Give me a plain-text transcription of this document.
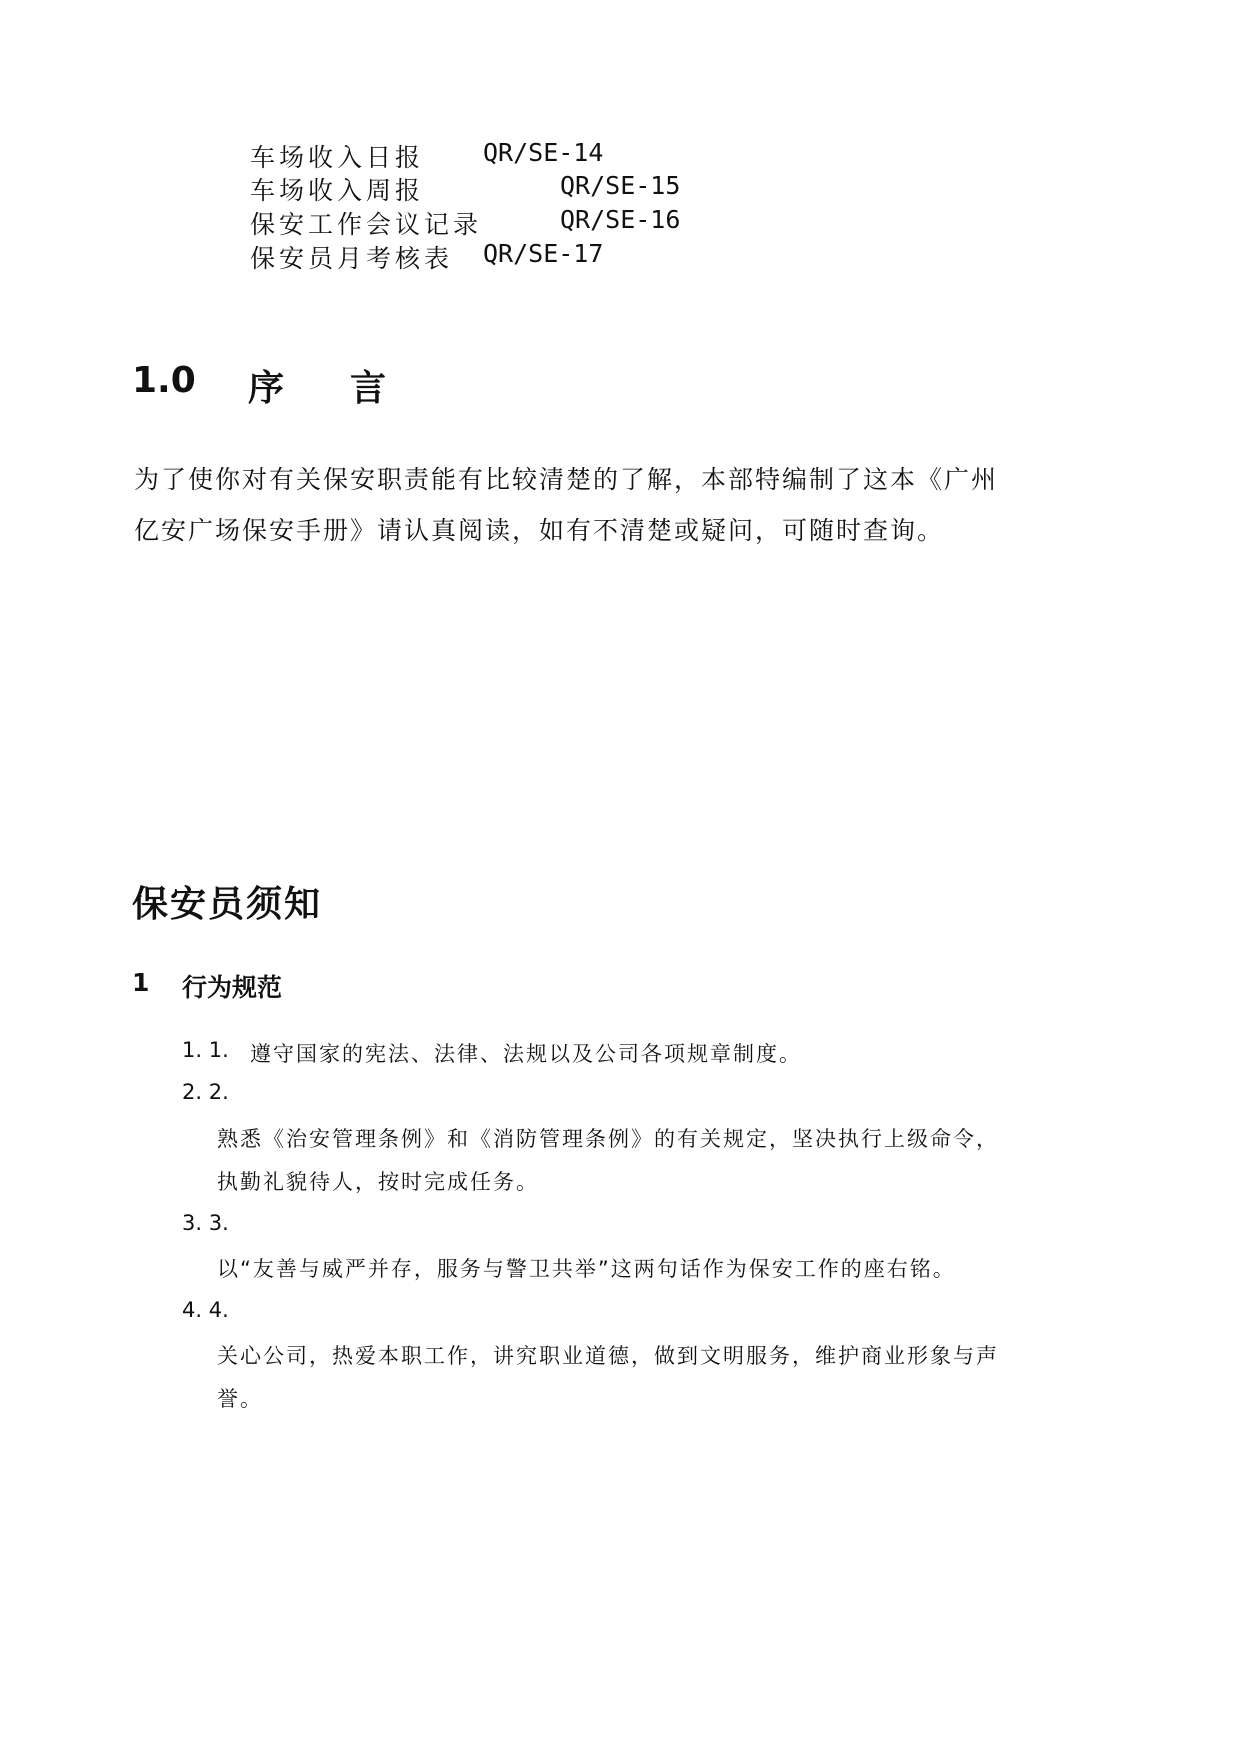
车场收入日报 QR/SE-14
车场收入周报	QR/SE-15
保安工作会议记录	QR/SE-16
保安员月考核表 QR/SE-17
1.0 序 言
为了使你对有关保安职责能有比较清楚的了解，本部特编制了这本《广州
亿安广场保安手册》请认真阅读，如有不清楚或疑问，可随时查询。
保安员须知
1 行为规范
1. 1. 遵守国家的宪法、法律、法规以及公司各项规章制度。
2. 2.
熟悉《治安管理条例》和《消防管理条例》的有关规定，坚决执行上级命令，
执勤礼貌待人，按时完成任务。
3. 3.
以“友善与威严并存，服务与警卫共举”这两句话作为保安工作的座右铭。
4. 4.
关心公司，热爱本职工作，讲究职业道德，做到文明服务，维护商业形象与声
誉。
